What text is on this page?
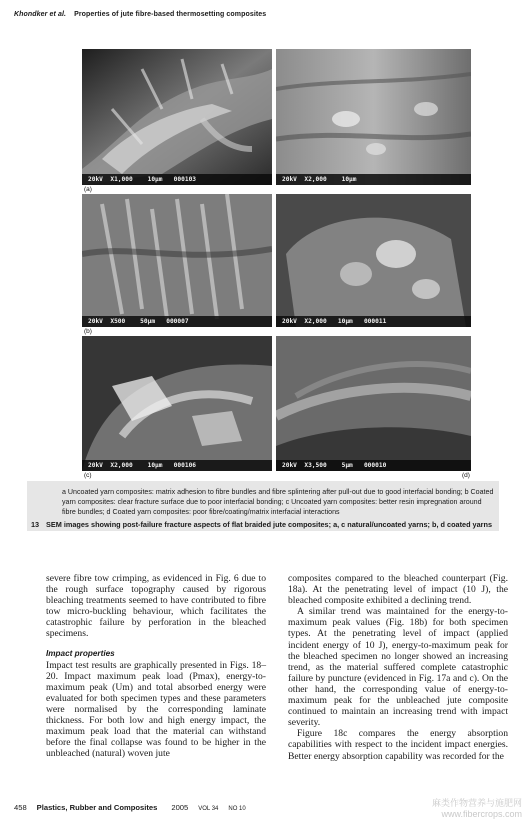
Khondker et al. Properties of jute fibre-based thermosetting composites
20kV  X1,000    10µm   000103	20kV  X2,000    10µm
(a)
20kV  X500    50µm   000007	20kV  X2,000   10µm   000011
(b)
20kV  X2,000    10µm   000106
(c)
20kV  X3,500    5µm   000010
(d)
a Uncoated yarn composites: matrix adhesion to fibre bundles and fibre splintering after pull-out due to good interfacial bonding; b Coated yarn composites: clear fracture surface due to poor interfacial bonding; c Uncoated yarn composites: better resin impregnation around fibre bundles; d Coated yarn composites: poor fibre/coating/matrix interfacial interactions
13 SEM images showing post-failure fracture aspects of flat braided jute composites; a, c natural/uncoated yarns; b, d coated yarns

severe fibre tow crimping, as evidenced in Fig. 6 due to the rough surface topography caused by rigorous bleaching treatments seemed to have contributed to fibre tow micro-buckling behaviour, which facilitates the catastrophic failure by perforation in the bleached specimens.

Impact properties

Impact test results are graphically presented in Figs. 18–20. Impact maximum peak load (Pmax), energy-to-maximum peak (Um) and total absorbed energy were evaluated for both specimen types and these parameters were normalised by the corresponding laminate thickness. For both low and high energy impact, the maximum peak load that the material can withstand before the final collapse was found to be higher in the unbleached (natural) woven jute

composites compared to the bleached counterpart (Fig. 18a). At the penetrating level of impact (10 J), the bleached composite exhibited a declining trend.

A similar trend was maintained for the energy-to-maximum peak values (Fig. 18b) for both specimen types. At the penetrating level of impact (applied incident energy of 10 J), energy-to-maximum peak for the bleached specimen no longer showed an increasing trend, as the material suffered complete catastrophic failure by puncture (evidenced in Fig. 17a and c). On the other hand, the corresponding value of energy-to-maximum peak for the unbleached jute composite continued to maintain an increasing trend with impact severity.

Figure 18c compares the energy absorption capabilities with respect to the incident impact energies. Better energy absorption capability was recorded for the

458 Plastics, Rubber and Composites 2005 VOL 34 NO 10
麻类作物营养与施肥网
www.fibercrops.com
